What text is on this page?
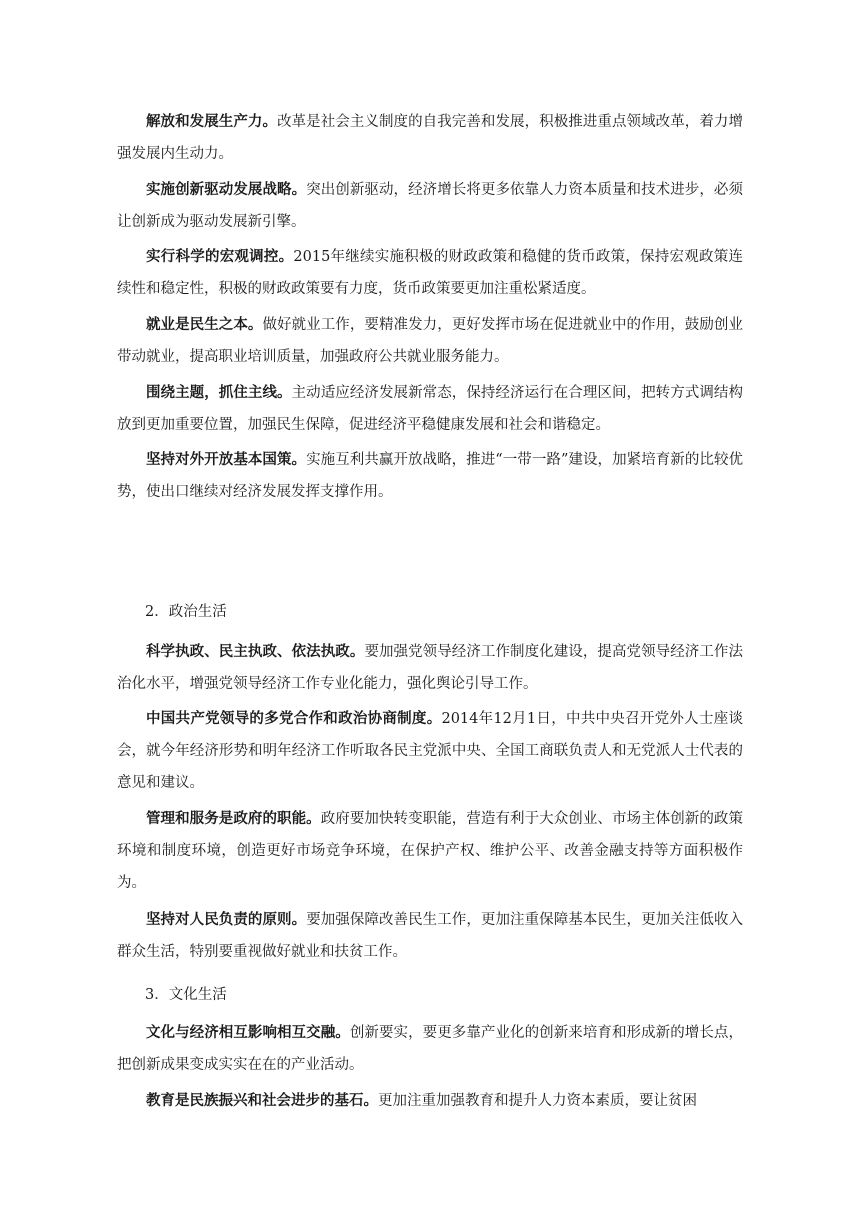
解放和发展生产力。改革是社会主义制度的自我完善和发展，积极推进重点领域改革，着力增强发展内生动力。

实施创新驱动发展战略。突出创新驱动，经济增长将更多依靠人力资本质量和技术进步，必须让创新成为驱动发展新引擎。

实行科学的宏观调控。2015年继续实施积极的财政政策和稳健的货币政策，保持宏观政策连续性和稳定性，积极的财政政策要有力度，货币政策要更加注重松紧适度。

就业是民生之本。做好就业工作，要精准发力，更好发挥市场在促进就业中的作用，鼓励创业带动就业，提高职业培训质量，加强政府公共就业服务能力。

围绕主题，抓住主线。主动适应经济发展新常态，保持经济运行在合理区间，把转方式调结构放到更加重要位置，加强民生保障，促进经济平稳健康发展和社会和谐稳定。

坚持对外开放基本国策。实施互利共赢开放战略，推进“一带一路”建设，加紧培育新的比较优势，使出口继续对经济发展发挥支撑作用。

2．政治生活

科学执政、民主执政、依法执政。要加强党领导经济工作制度化建设，提高党领导经济工作法治化水平，增强党领导经济工作专业化能力，强化舆论引导工作。

中国共产党领导的多党合作和政治协商制度。2014年12月1日，中共中央召开党外人士座谈会，就今年经济形势和明年经济工作听取各民主党派中央、全国工商联负责人和无党派人士代表的意见和建议。

管理和服务是政府的职能。政府要加快转变职能，营造有利于大众创业、市场主体创新的政策环境和制度环境，创造更好市场竞争环境，在保护产权、维护公平、改善金融支持等方面积极作为。

坚持对人民负责的原则。要加强保障改善民生工作，更加注重保障基本民生，更加关注低收入群众生活，特别要重视做好就业和扶贫工作。

3．文化生活

文化与经济相互影响相互交融。创新要实，要更多靠产业化的创新来培育和形成新的增长点，把创新成果变成实实在在的产业活动。

教育是民族振兴和社会进步的基石。更加注重加强教育和提升人力资本素质，要让贫困
